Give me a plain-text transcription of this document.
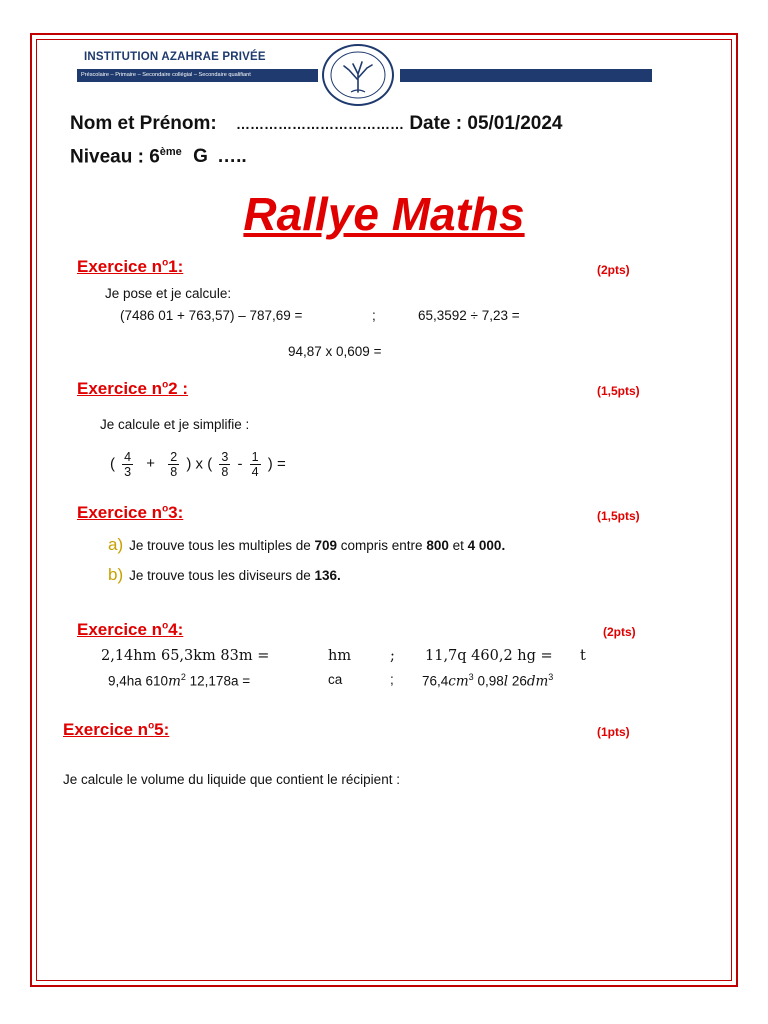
INSTITUTION AZAHRAE PRIVÉE
Préscolaire – Primaire – Secondaire collégial – Secondaire qualifiant
Nom et Prénom: ……………………………… Date : 05/01/2024
Niveau : 6ème G …..
Rallye Maths
Exercice $n^o1$:	(2pts)
Je pose et je calcule:
(7486 01 + 763,57) – 787,69 =	;	65,3592 ÷ 7,23 =
94,87 x 0,609 =
Exercice $n^o2$ :	(1,5pts)
Je calcule et je simplifie :
( $\frac{4}{3} + \frac{2}{8}$ ) x ( $\frac{3}{8} - \frac{1}{4}$ ) =
Exercice $n^o3$:	(1,5pts)
a) Je trouve tous les multiples de 709 compris entre 800 et 4 000.
b) Je trouve tous les diviseurs de 136.
Exercice $n^o4$:	(2pts)
2,14hm 65,3km 83m =	hm	; 11,7q 460,2 hg = t
9,4ha $610m^2$ 12,178a =	ca	; $76,4cm^3$ 0,98l $26dm^3$
Exercice $n^o5$:	(1pts)
Je calcule le volume du liquide que contient le récipient :
